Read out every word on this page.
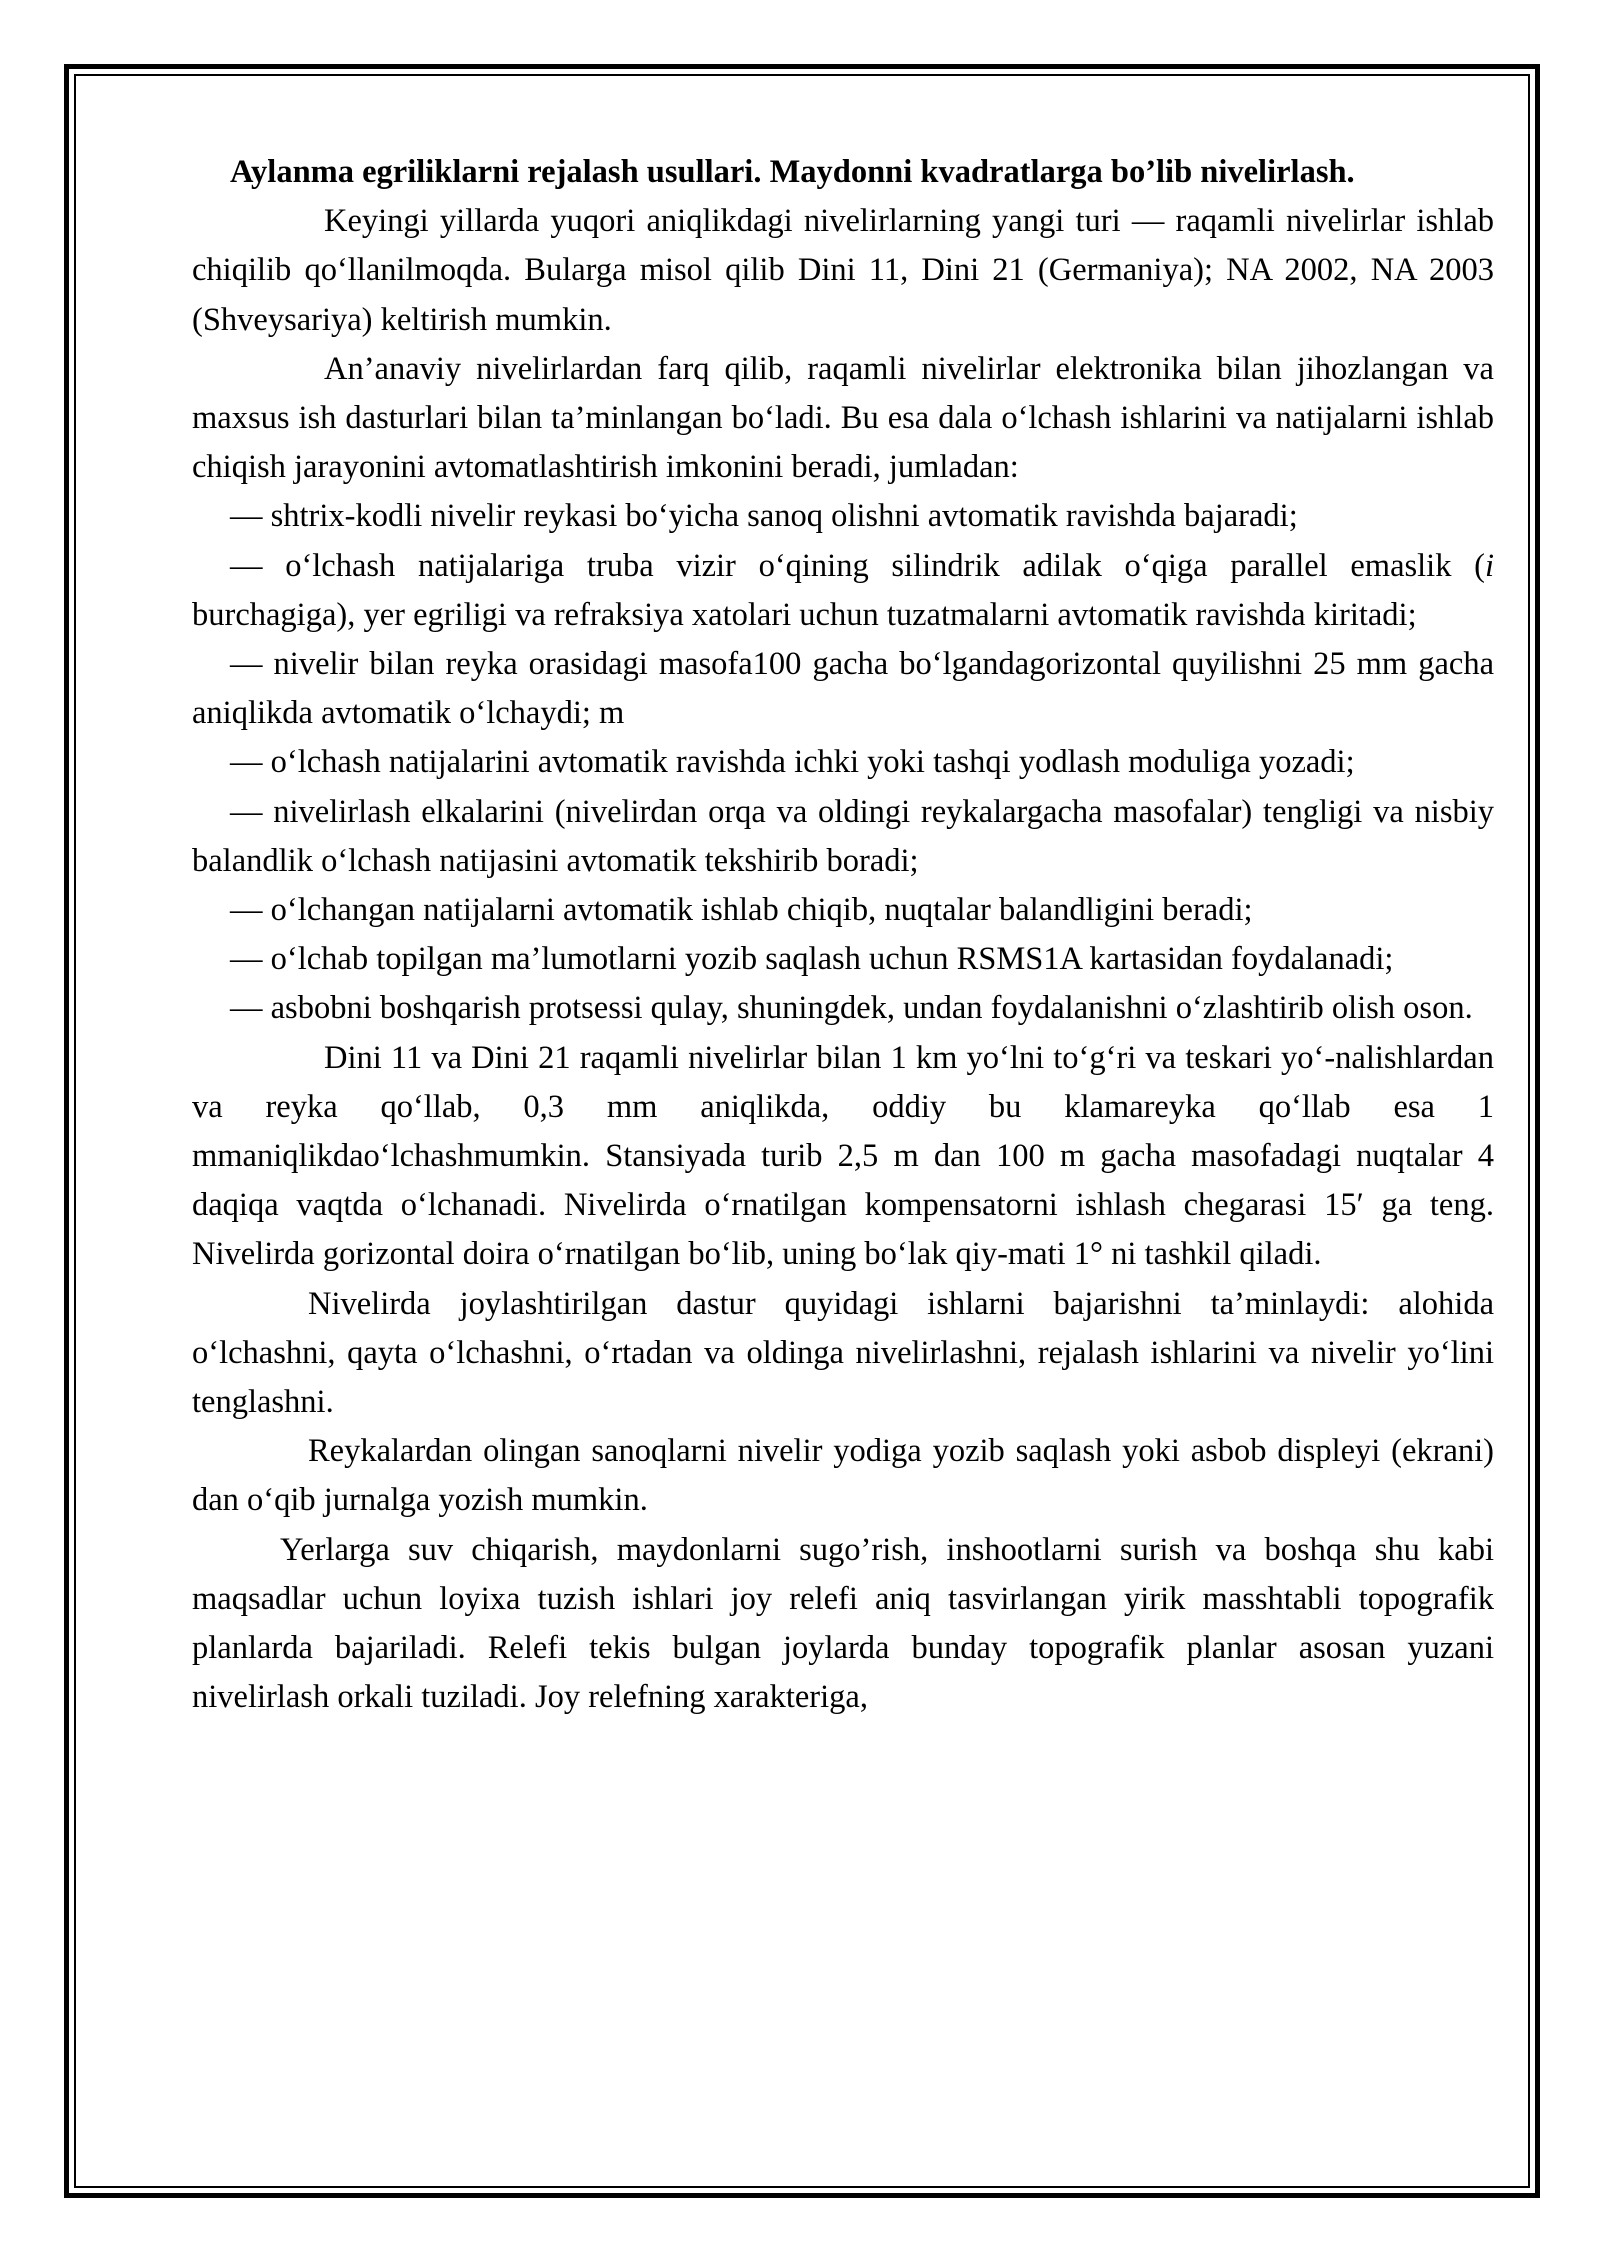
Aylanma egriliklarni rejalash usullari. Maydonni kvadratlarga bo’lib nivelirlash.

Keyingi yillarda yuqori aniqlikdagi nivelirlarning yangi turi — raqamli nivelirlar ishlab chiqilib qoʻllanilmoqda. Bularga misol qilib Dini 11, Dini 21 (Germaniya); NA 2002, NA 2003 (Shveysariya) keltirish mumkin.

An’anaviy nivelirlardan farq qilib, raqamli nivelirlar elektronika bilan jihozlangan va maxsus ish dasturlari bilan ta’minlangan boʻladi. Bu esa dala oʻlchash ishlarini va natijalarni ishlab chiqish jarayonini avtomatlashtirish imkonini beradi, jumladan:

— shtrix-kodli nivelir reykasi boʻyicha sanoq olishni avtomatik ravishda bajaradi;

— oʻlchash natijalariga truba vizir oʻqining silindrik adilak oʻqiga parallel emaslik (i burchagiga), yer egriligi va refraksiya xatolari uchun tuzatmalarni avtomatik ravishda kiritadi;

— nivelir bilan reyka orasidagi masofa100 gacha boʻlgandagorizontal quyilishni 25 mm gacha aniqlikda avtomatik oʻlchaydi; m

— oʻlchash natijalarini avtomatik ravishda ichki yoki tashqi yodlash moduliga yozadi;

— nivelirlash elkalarini (nivelirdan orqa va oldingi reykalargacha masofalar) tengligi va nisbiy balandlik oʻlchash natijasini avtomatik tekshirib boradi;

— oʻlchangan natijalarni avtomatik ishlab chiqib, nuqtalar balandligini beradi;

— oʻlchab topilgan ma’lumotlarni yozib saqlash uchun RSMS1A kartasidan foydalanadi;

— asbobni boshqarish protsessi qulay, shuningdek, undan foydalanishni oʻzlashtirib olish oson.

Dini 11 va Dini 21 raqamli nivelirlar bilan 1 km yoʻlni toʻgʻri va teskari yoʻ-nalishlardan va reyka qoʻllab, 0,3 mm aniqlikda, oddiy bu klamareyka qoʻllab esa 1 mmaniqlikdaoʻlchashmumkin. Stansiyada turib 2,5 m dan 100 m gacha masofadagi nuqtalar 4 daqiqa vaqtda oʻlchanadi. Nivelirda oʻrnatilgan kompensatorni ishlash chegarasi 15′ ga teng. Nivelirda gorizontal doira oʻrnatilgan boʻlib, uning boʻlak qiy-mati 1° ni tashkil qiladi.

Nivelirda joylashtirilgan dastur quyidagi ishlarni bajarishni ta’minlaydi: alohida oʻlchashni, qayta oʻlchashni, oʻrtadan va oldinga nivelirlashni, rejalash ishlarini va nivelir yoʻlini tenglashni.

Reykalardan olingan sanoqlarni nivelir yodiga yozib saqlash yoki asbob displeyi (ekrani) dan oʻqib jurnalga yozish mumkin.

Yerlarga suv chiqarish, maydonlarni sugo’rish, inshootlarni surish va boshqa shu kabi maqsadlar uchun loyixa tuzish ishlari joy relefi aniq tasvirlangan yirik masshtabli topografik planlarda bajariladi. Relefi tekis bulgan joylarda bunday topografik planlar asosan yuzani nivelirlash orkali tuziladi. Joy relefning xarakteriga,
